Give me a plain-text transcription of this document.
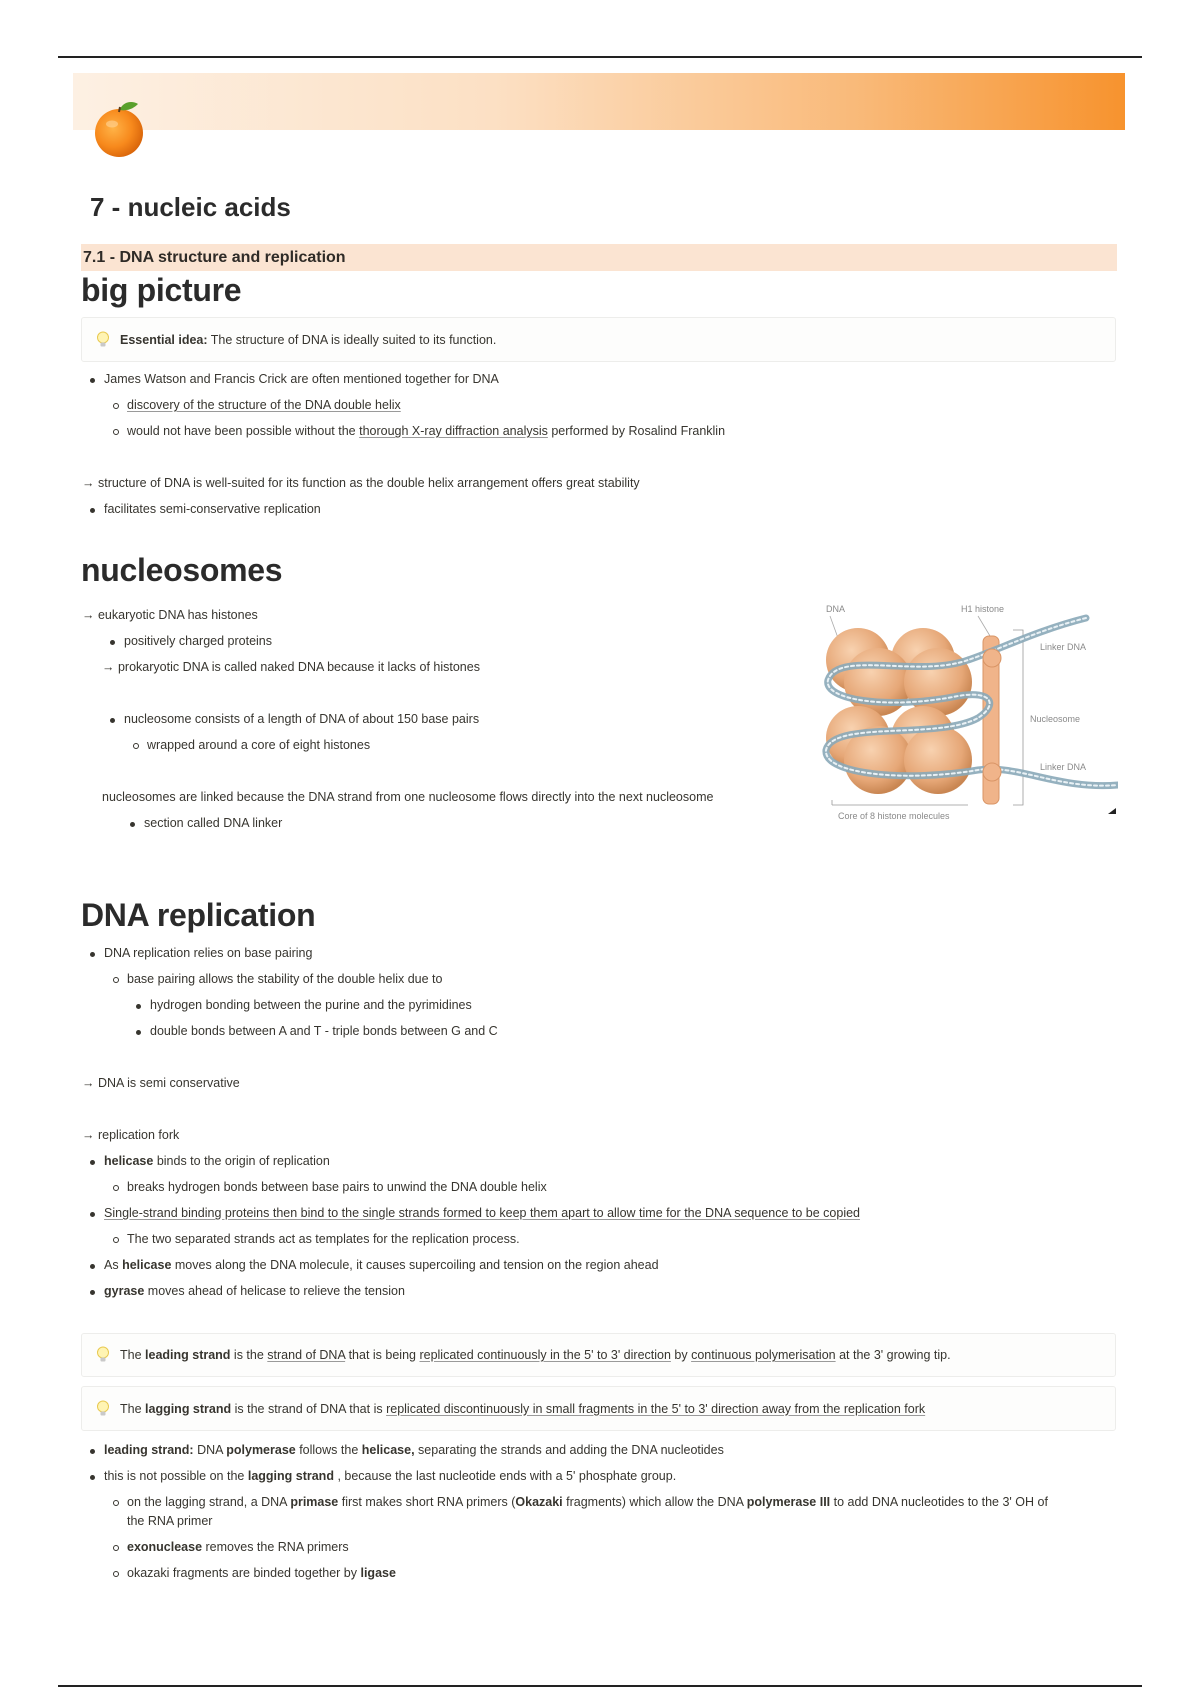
7 - nucleic acids
7.1 - DNA structure and replication
big picture
Essential idea: The structure of DNA is ideally suited to its function.
James Watson and Francis Crick are often mentioned together for DNA
discovery of the structure of the DNA double helix
would not have been possible without the thorough X-ray diffraction analysis performed by Rosalind Franklin
→ structure of DNA is well-suited for its function as the double helix arrangement offers great stability
facilitates semi-conservative replication
nucleosomes
→ eukaryotic DNA has histones
positively charged proteins
→ prokaryotic DNA is called naked DNA because it lacks of histones
nucleosome consists of a length of DNA of about 150 base pairs
wrapped around a core of eight histones
nucleosomes are linked because the DNA strand from one nucleosome flows directly into the next nucleosome
section called DNA linker
DNA	H1 histone
Linker DNA
Nucleosome
Linker DNA
Core of 8 histone molecules
DNA replication
DNA replication relies on base pairing
base pairing allows the stability of the double helix due to
hydrogen bonding between the purine and the pyrimidines
double bonds between A and T - triple bonds between G and C
→ DNA is semi conservative
→ replication fork
helicase binds to the origin of replication
breaks hydrogen bonds between base pairs to unwind the DNA double helix
Single-strand binding proteins then bind to the single strands formed to keep them apart to allow time for the DNA sequence to be copied
The two separated strands act as templates for the replication process.
As helicase moves along the DNA molecule, it causes supercoiling and tension on the region ahead
gyrase moves ahead of helicase to relieve the tension
The leading strand is the strand of DNA that is being replicated continuously in the 5' to 3' direction by continuous polymerisation at the 3' growing tip.
The lagging strand is the strand of DNA that is replicated discontinuously in small fragments in the 5' to 3' direction away from the replication fork
leading strand: DNA polymerase follows the helicase, separating the strands and adding the DNA nucleotides
this is not possible on the lagging strand , because the last nucleotide ends with a 5' phosphate group.
on the lagging strand, a DNA primase first makes short RNA primers (Okazaki fragments) which allow the DNA polymerase III to add DNA nucleotides to the 3' OH of
the RNA primer
exonuclease removes the RNA primers
okazaki fragments are binded together by ligase
